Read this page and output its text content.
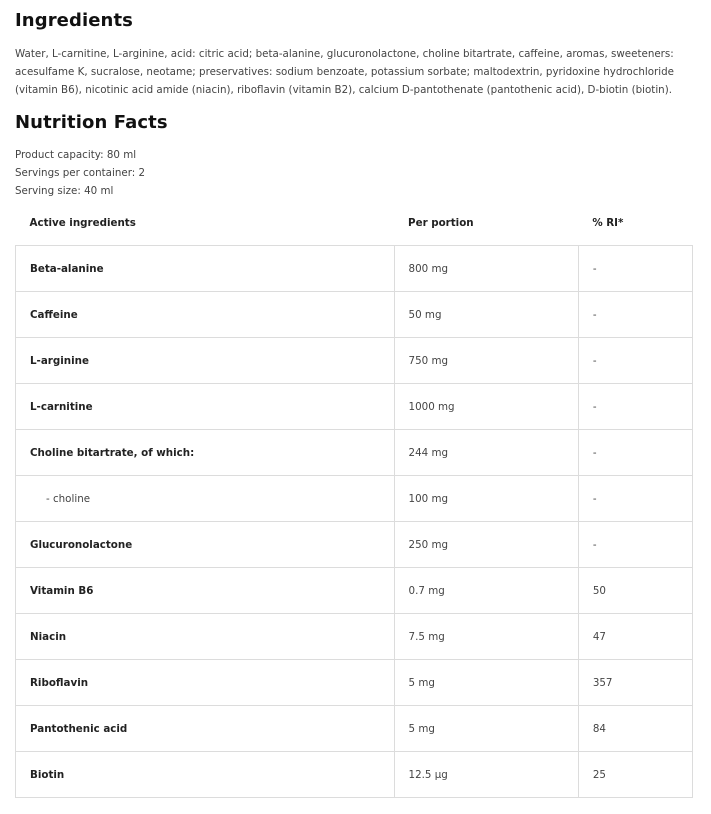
Ingredients
Water, L-carnitine, L-arginine, acid: citric acid; beta-alanine, glucuronolactone, choline bitartrate, caffeine, aromas, sweeteners: acesulfame K, sucralose, neotame; preservatives: sodium benzoate, potassium sorbate; maltodextrin, pyridoxine hydrochloride (vitamin B6), nicotinic acid amide (niacin), riboflavin (vitamin B2), calcium D-pantothenate (pantothenic acid), D-biotin (biotin).
Nutrition Facts
Product capacity: 80 ml
Servings per container: 2
Serving size: 40 ml
Active ingredients	Per portion	% RI*
Beta-alanine	800 mg	-
Caffeine	50 mg	-
L-arginine	750 mg	-
L-carnitine	1000 mg	-
Choline bitartrate, of which:	244 mg	-
- choline	100 mg	-
Glucuronolactone	250 mg	-
Vitamin B6	0.7 mg	50
Niacin	7.5 mg	47
Riboflavin	5 mg	357
Pantothenic acid	5 mg	84
Biotin	12.5 µg	25
